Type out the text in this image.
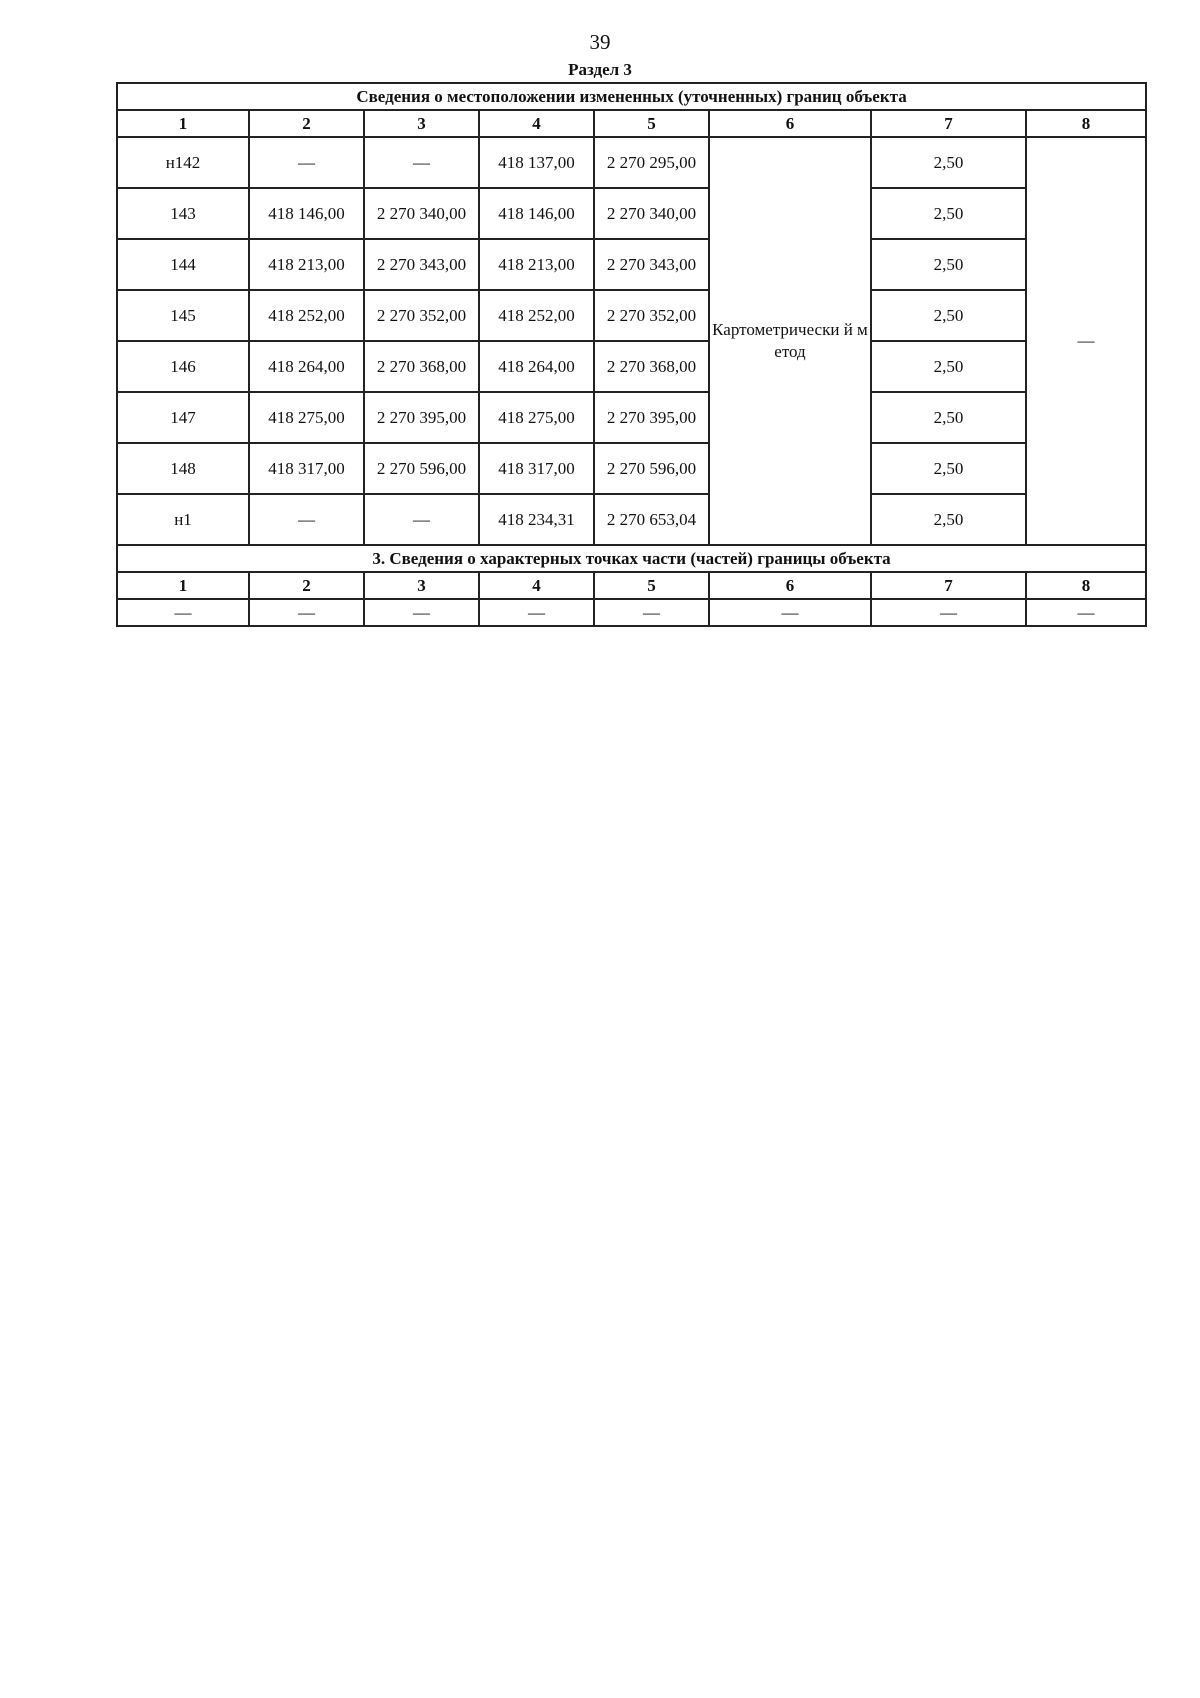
39
Раздел 3
Сведения о местоположении измененных (уточненных) границ объекта							
1	2	3	4	5	6	7	8
н142	—	—	418 137,00	2 270 295,00	Картометрически й метод	2,50	—
143	418 146,00	2 270 340,00	418 146,00	2 270 340,00		2,50	
144	418 213,00	2 270 343,00	418 213,00	2 270 343,00		2,50	
145	418 252,00	2 270 352,00	418 252,00	2 270 352,00		2,50	
146	418 264,00	2 270 368,00	418 264,00	2 270 368,00		2,50	
147	418 275,00	2 270 395,00	418 275,00	2 270 395,00		2,50	
148	418 317,00	2 270 596,00	418 317,00	2 270 596,00		2,50	
н1	—	—	418 234,31	2 270 653,04		2,50	
3. Сведения о характерных точках части (частей) границы объекта							
1	2	3	4	5	6	7	8
—	—	—	—	—	—	—	—
